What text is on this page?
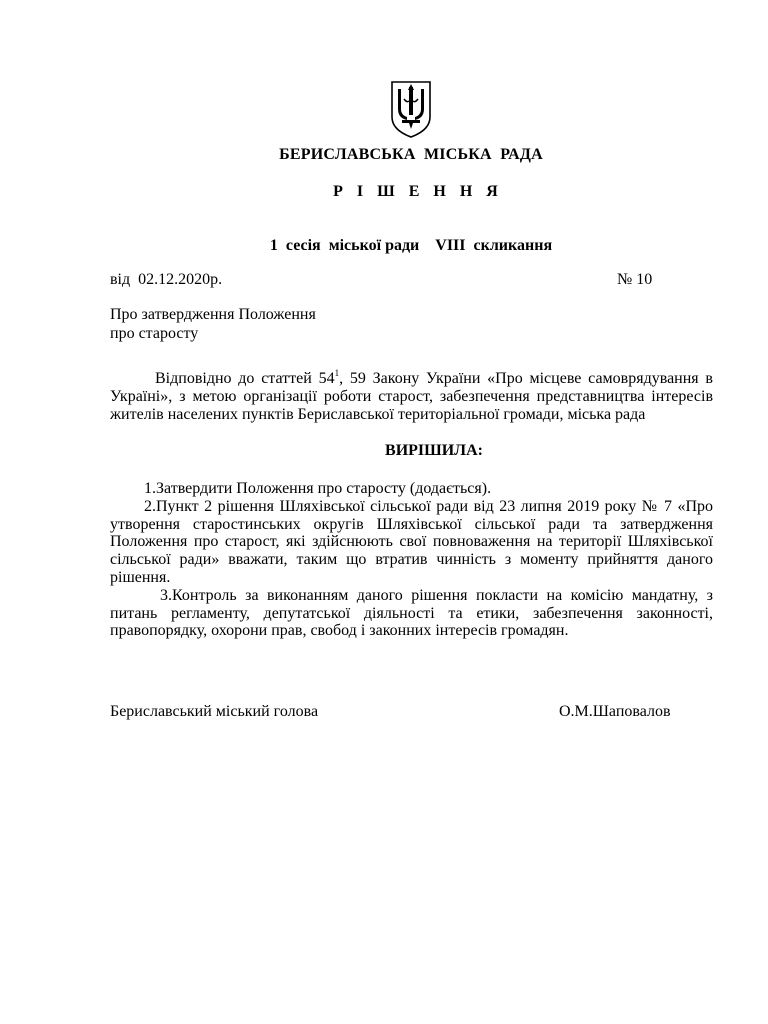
БЕРИСЛАВСЬКА  МІСЬКА  РАДА
Р І Ш Е Н Н Я
1  сесія  міської ради    VIII  скликання
від  02.12.2020р.	№ 10
Про затвердження Положення
про старосту
Відповідно до статтей $54^1$, 59 Закону України «Про місцеве самоврядування в Україні», з метою організації роботи старост, забезпечення представництва інтересів жителів населених пунктів Бериславської територіальної громади, міська рада
ВИРІШИЛА:
1.Затвердити Положення про старосту (додається).
2.Пункт 2 рішення Шляхівської сільської ради від 23 липня 2019 року № 7 «Про утворення старостинських округів Шляхівської сільської ради та затвердження Положення про старост, які здійснюють свої повноваження на території Шляхівської сільської ради» вважати, таким що втратив чинність з моменту прийняття даного рішення.
3.Контроль за виконанням даного рішення покласти на комісію мандатну, з питань регламенту, депутатської діяльності та етики, забезпечення законності, правопорядку, охорони прав, свобод і законних інтересів громадян.
Бериславський міський голова	О.М.Шаповалов
